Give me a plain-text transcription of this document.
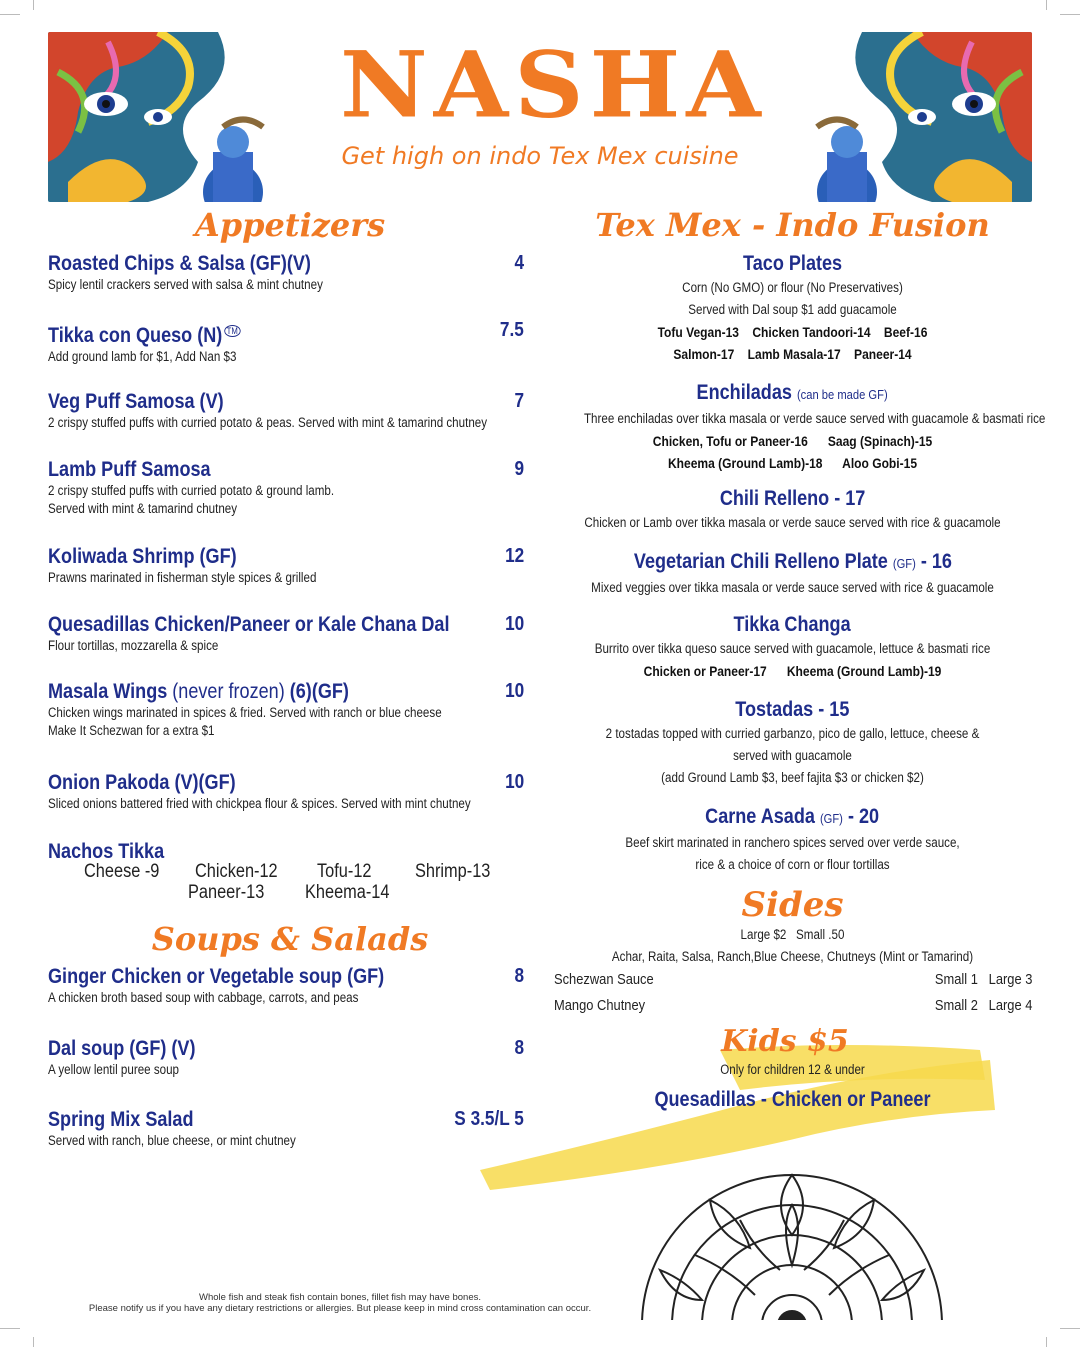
NASHA
Get high on indo Tex Mex cuisine
Appetizers
Roasted Chips & Salsa (GF)(V)
Spicy lentil crackers served with salsa & mint chutney
4
Tikka con Queso (N) ™
Add ground lamb for $1, Add Nan $3
7.5
Veg Puff Samosa (V)
2 crispy stuffed puffs with curried potato & peas. Served with mint & tamarind chutney
7
Lamb Puff Samosa
2 crispy stuffed puffs with curried potato & ground lamb.
Served with mint & tamarind chutney
9
Koliwada Shrimp (GF)
Prawns marinated in fisherman style spices & grilled
12
Quesadillas Chicken/Paneer or Kale Chana Dal
Flour tortillas, mozzarella & spice
10
Masala Wings (never frozen) (6)(GF)
Chicken wings marinated in spices & fried. Served with ranch or blue cheese
Make It Schezwan for a extra $1
10
Onion Pakoda (V)(GF)
Sliced onions battered fried with chickpea flour & spices. Served with mint chutney
10
Nachos Tikka
Cheese -9 Chicken-12 Tofu-12 Shrimp-13
Paneer-13 Kheema-14
Soups & Salads
Ginger Chicken or Vegetable soup (GF)
A chicken broth based soup with cabbage, carrots, and peas
8
Dal soup (GF) (V)
A yellow lentil puree soup
8
Spring Mix Salad
Served with ranch, blue cheese, or mint chutney
S 3.5/L 5
Tex Mex - Indo Fusion
Taco Plates
Corn (No GMO) or flour (No Preservatives)
Served with Dal soup $1 add guacamole
Tofu Vegan-13    Chicken Tandoori-14    Beef-16
Salmon-17    Lamb Masala-17    Paneer-14
Enchiladas (can be made GF)
Three enchiladas over tikka masala or verde sauce served with guacamole & basmati rice
Chicken, Tofu or Paneer-16      Saag (Spinach)-15
Kheema (Ground Lamb)-18      Aloo Gobi-15
Chili Relleno - 17
Chicken or Lamb over tikka masala or verde sauce served with rice & guacamole
Vegetarian Chili Relleno Plate (GF) - 16
Mixed veggies over tikka masala or verde sauce served with rice & guacamole
Tikka Changa
Burrito over tikka queso sauce served with guacamole, lettuce & basmati rice
Chicken or Paneer-17      Kheema (Ground Lamb)-19
Tostadas - 15
2 tostadas topped with curried garbanzo, pico de gallo, lettuce, cheese &
served with guacamole
(add Ground Lamb $3, beef fajita $3 or chicken $2)
Carne Asada (GF) - 20
Beef skirt marinated in ranchero spices served over verde sauce,
rice & a choice of corn or flour tortillas
Sides
Large $2   Small .50
Achar, Raita, Salsa, Ranch,Blue Cheese, Chutneys (Mint or Tamarind)
Schezwan Sauce	Small 1   Large 3
Mango Chutney	Small 2   Large 4
Kids $5
Only for children 12 & under
Quesadillas - Chicken or Paneer
Whole fish and steak fish contain bones, fillet fish may have bones.
Please notify us if you have any dietary restrictions or allergies. But please keep in mind cross contamination can occur.
